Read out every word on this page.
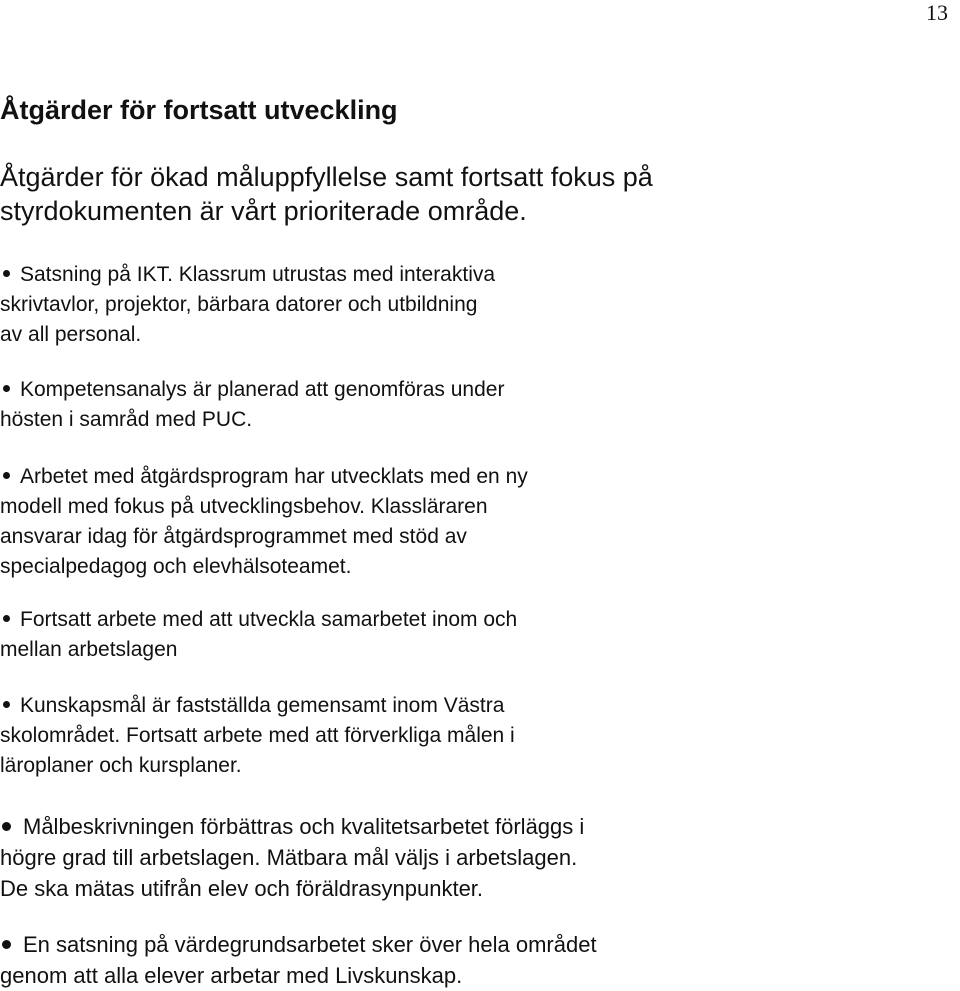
13
Åtgärder för fortsatt utveckling

Åtgärder för ökad måluppfyllelse samt fortsatt fokus på styrdokumenten är vårt prioriterade område.

Satsning på IKT. Klassrum utrustas med interaktiva
skrivtavlor, projektor, bärbara datorer och utbildning
av all personal.

Kompetensanalys är planerad att genomföras under
hösten i samråd med PUC.

Arbetet med åtgärdsprogram har utvecklats med en ny
modell med fokus på utvecklingsbehov. Klassläraren
ansvarar idag för åtgärdsprogrammet med stöd av
specialpedagog och elevhälsoteamet.

Fortsatt arbete med att utveckla samarbetet inom och
mellan arbetslagen

Kunskapsmål är fastställda gemensamt inom Västra
skolområdet. Fortsatt arbete med att förverkliga målen i
läroplaner och kursplaner.

Målbeskrivningen förbättras och kvalitetsarbetet förläggs i
högre grad till arbetslagen. Mätbara mål väljs i arbetslagen.
De ska mätas utifrån elev och föräldrasynpunkter.

En satsning på värdegrundsarbetet sker över hela området
genom att alla elever arbetar med Livskunskap.
